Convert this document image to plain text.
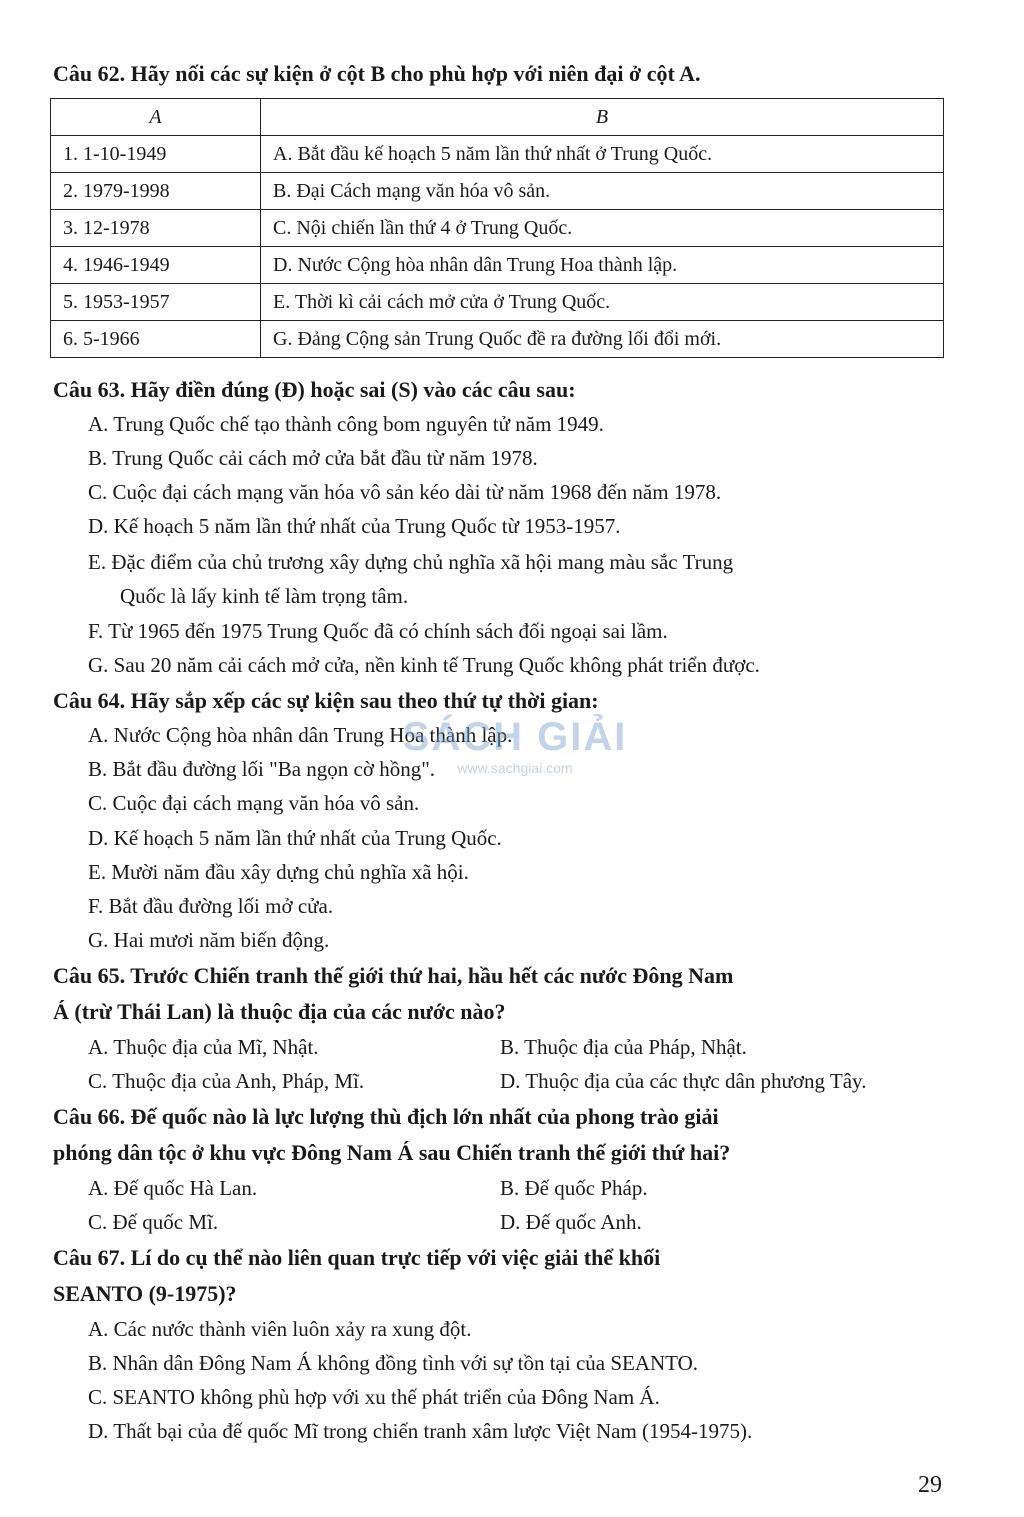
Câu 62. Hãy nối các sự kiện ở cột B cho phù hợp với niên đại ở cột A.
A	B
1. 1-10-1949	A. Bắt đầu kế hoạch 5 năm lần thứ nhất ở Trung Quốc.
2. 1979-1998	B. Đại Cách mạng văn hóa vô sản.
3. 12-1978	C. Nội chiến lần thứ 4 ở Trung Quốc.
4. 1946-1949	D. Nước Cộng hòa nhân dân Trung Hoa thành lập.
5. 1953-1957	E. Thời kì cải cách mở cửa ở Trung Quốc.
6. 5-1966	G. Đảng Cộng sản Trung Quốc đề ra đường lối đổi mới.
Câu 63. Hãy điền đúng (Đ) hoặc sai (S) vào các câu sau:
A. Trung Quốc chế tạo thành công bom nguyên tử năm 1949.
B. Trung Quốc cải cách mở cửa bắt đầu từ năm 1978.
C. Cuộc đại cách mạng văn hóa vô sản kéo dài từ năm 1968 đến năm 1978.
D. Kế hoạch 5 năm lần thứ nhất của Trung Quốc từ 1953-1957.
E. Đặc điểm của chủ trương xây dựng chủ nghĩa xã hội mang màu sắc Trung
Quốc là lấy kinh tế làm trọng tâm.
F. Từ 1965 đến 1975 Trung Quốc đã có chính sách đối ngoại sai lầm.
G. Sau 20 năm cải cách mở cửa, nền kinh tế Trung Quốc không phát triển được.
Câu 64. Hãy sắp xếp các sự kiện sau theo thứ tự thời gian:
A. Nước Cộng hòa nhân dân Trung Hoa thành lập.
B. Bắt đầu đường lối "Ba ngọn cờ hồng".
C. Cuộc đại cách mạng văn hóa vô sản.
D. Kế hoạch 5 năm lần thứ nhất của Trung Quốc.
E. Mười năm đầu xây dựng chủ nghĩa xã hội.
F. Bắt đầu đường lối mở cửa.
G. Hai mươi năm biến động.
SÁCH GIẢI
www.sachgiai.com
Câu 65. Trước Chiến tranh thế giới thứ hai, hầu hết các nước Đông Nam
Á (trừ Thái Lan) là thuộc địa của các nước nào?
A. Thuộc địa của Mĩ, Nhật.	B. Thuộc địa của Pháp, Nhật.
C. Thuộc địa của Anh, Pháp, Mĩ.	D. Thuộc địa của các thực dân phương Tây.
Câu 66. Đế quốc nào là lực lượng thù địch lớn nhất của phong trào giải
phóng dân tộc ở khu vực Đông Nam Á sau Chiến tranh thế giới thứ hai?
A. Đế quốc Hà Lan.	B. Đế quốc Pháp.
C. Đế quốc Mĩ.	D. Đế quốc Anh.
Câu 67. Lí do cụ thể nào liên quan trực tiếp với việc giải thể khối
SEANTO (9-1975)?
A. Các nước thành viên luôn xảy ra xung đột.
B. Nhân dân Đông Nam Á không đồng tình với sự tồn tại của SEANTO.
C. SEANTO không phù hợp với xu thế phát triển của Đông Nam Á.
D. Thất bại của đế quốc Mĩ trong chiến tranh xâm lược Việt Nam (1954-1975).
29
